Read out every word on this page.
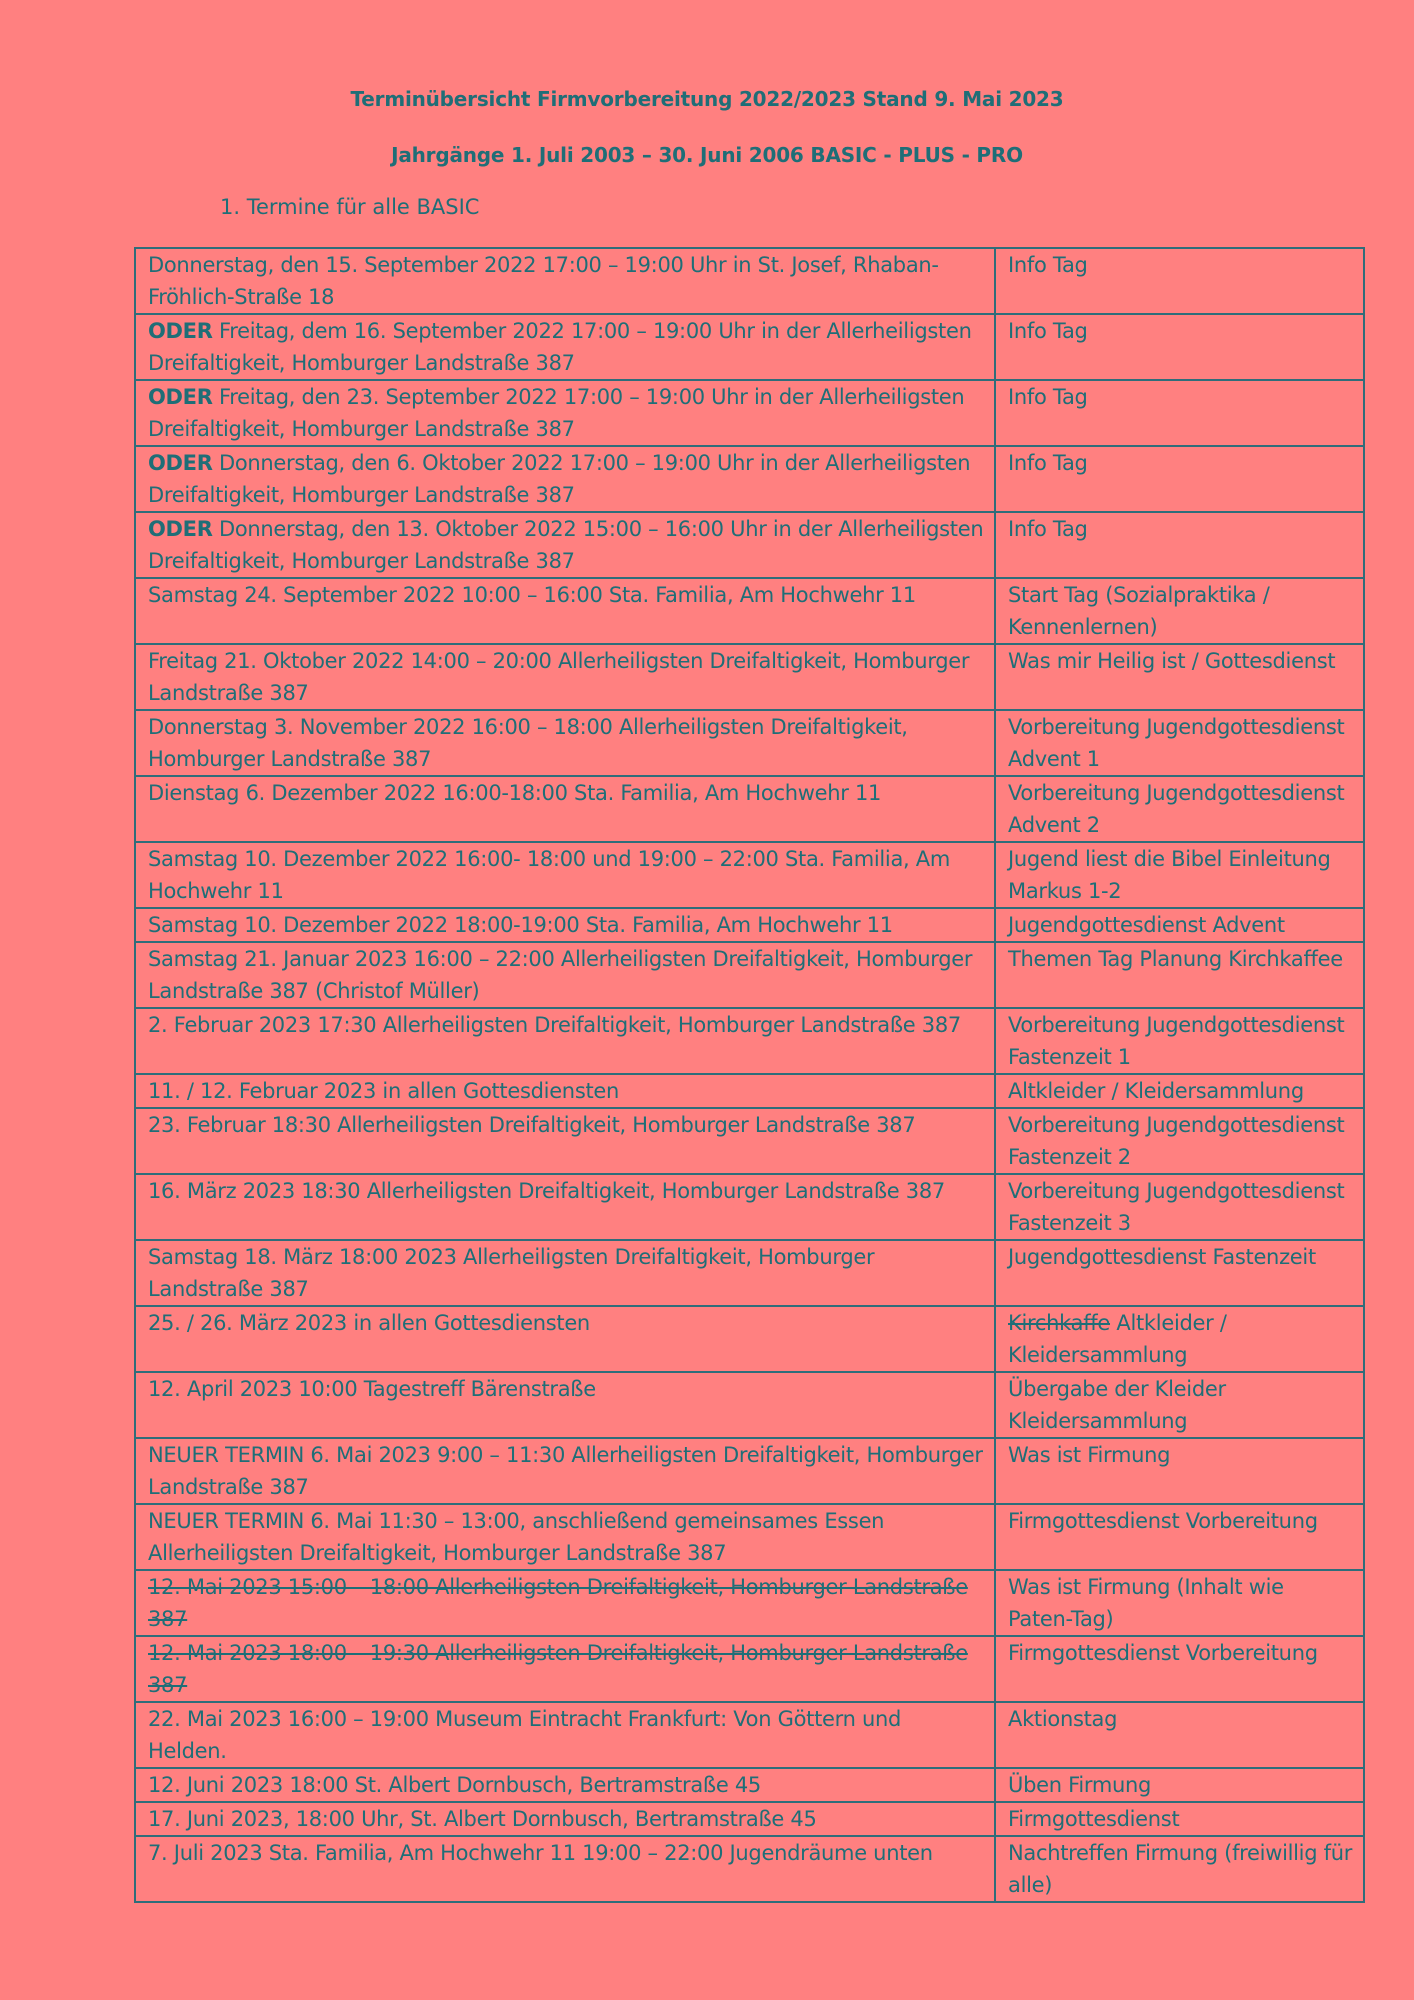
Terminübersicht Firmvorbereitung 2022/2023 Stand 9. Mai 2023
Jahrgänge 1. Juli 2003 – 30. Juni 2006 BASIC - PLUS - PRO
1. Termine für alle BASIC
Donnerstag, den 15. September 2022 17:00 – 19:00 Uhr in St. Josef, Rhaban-Fröhlich-Straße 18	Info Tag
ODER Freitag, dem 16. September 2022 17:00 – 19:00 Uhr in der Allerheiligsten Dreifaltigkeit, Homburger Landstraße 387	Info Tag
ODER Freitag, den 23. September 2022 17:00 – 19:00 Uhr in der Allerheiligsten Dreifaltigkeit, Homburger Landstraße 387	Info Tag
ODER Donnerstag, den 6. Oktober 2022 17:00 – 19:00 Uhr in der Allerheiligsten Dreifaltigkeit, Homburger Landstraße 387	Info Tag
ODER Donnerstag, den 13. Oktober 2022 15:00 – 16:00 Uhr in der Allerheiligsten Dreifaltigkeit, Homburger Landstraße 387	Info Tag
Samstag 24. September 2022 10:00 – 16:00 Sta. Familia, Am Hochwehr 11	Start Tag (Sozialpraktika / Kennenlernen)
Freitag 21. Oktober 2022 14:00 – 20:00 Allerheiligsten Dreifaltigkeit, Homburger Landstraße 387	Was mir Heilig ist / Gottesdienst
Donnerstag 3. November 2022 16:00 – 18:00 Allerheiligsten Dreifaltigkeit, Homburger Landstraße 387	Vorbereitung Jugendgottesdienst Advent 1
Dienstag 6. Dezember 2022 16:00-18:00 Sta. Familia, Am Hochwehr 11	Vorbereitung Jugendgottesdienst Advent 2
Samstag 10. Dezember 2022 16:00- 18:00 und 19:00 – 22:00 Sta. Familia, Am Hochwehr 11	Jugend liest die Bibel Einleitung Markus 1-2
Samstag 10. Dezember 2022 18:00-19:00 Sta. Familia, Am Hochwehr 11	Jugendgottesdienst Advent
Samstag 21. Januar 2023 16:00 – 22:00 Allerheiligsten Dreifaltigkeit, Homburger Landstraße 387 (Christof Müller)	Themen Tag Planung Kirchkaffee
2. Februar 2023 17:30 Allerheiligsten Dreifaltigkeit, Homburger Landstraße 387	Vorbereitung Jugendgottesdienst Fastenzeit 1
11. / 12. Februar 2023 in allen Gottesdiensten	Altkleider / Kleidersammlung
23. Februar 18:30 Allerheiligsten Dreifaltigkeit, Homburger Landstraße 387	Vorbereitung Jugendgottesdienst Fastenzeit 2
16. März 2023 18:30 Allerheiligsten Dreifaltigkeit, Homburger Landstraße 387	Vorbereitung Jugendgottesdienst Fastenzeit 3
Samstag 18. März 18:00 2023 Allerheiligsten Dreifaltigkeit, Homburger Landstraße 387	Jugendgottesdienst Fastenzeit
25. / 26. März 2023 in allen Gottesdiensten	Kirchkaffe Altkleider / Kleidersammlung
12. April 2023 10:00 Tagestreff Bärenstraße	Übergabe der Kleider Kleidersammlung
NEUER TERMIN 6. Mai 2023 9:00 – 11:30 Allerheiligsten Dreifaltigkeit, Homburger Landstraße 387	Was ist Firmung
NEUER TERMIN 6. Mai 11:30 – 13:00, anschließend gemeinsames Essen Allerheiligsten Dreifaltigkeit, Homburger Landstraße 387	Firmgottesdienst Vorbereitung
12. Mai 2023 15:00 – 18:00 Allerheiligsten Dreifaltigkeit, Homburger Landstraße 387	Was ist Firmung (Inhalt wie Paten-Tag)
12. Mai 2023 18:00 – 19:30 Allerheiligsten Dreifaltigkeit, Homburger Landstraße 387	Firmgottesdienst Vorbereitung
22. Mai 2023 16:00 – 19:00 Museum Eintracht Frankfurt: Von Göttern und Helden.	Aktionstag
12. Juni 2023 18:00 St. Albert Dornbusch, Bertramstraße 45	Üben Firmung
17. Juni 2023, 18:00 Uhr, St. Albert Dornbusch, Bertramstraße 45	Firmgottesdienst
7. Juli 2023 Sta. Familia, Am Hochwehr 11 19:00 – 22:00 Jugendräume unten	Nachtreffen Firmung (freiwillig für alle)
